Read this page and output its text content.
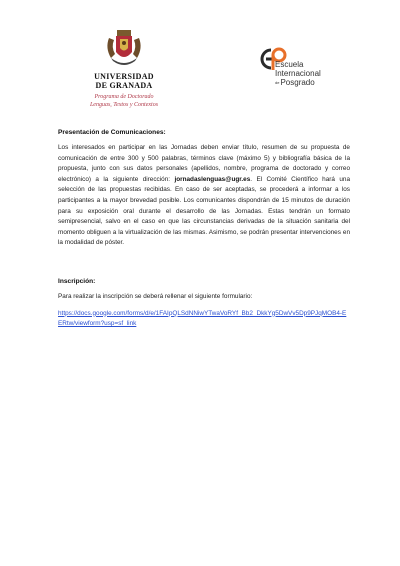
UNIVERSIDAD
DE GRANADA
Programa de Doctorado
Lenguas, Textos y Contextos
Escuela
Internacional
dePosgrado

Presentación de Comunicaciones:

Los interesados en participar en las Jornadas deben enviar título, resumen de su propuesta de comunicación de entre 300 y 500 palabras, términos clave (máximo 5) y bibliografía básica de la propuesta, junto con sus datos personales (apellidos, nombre, programa de doctorado y correo electrónico) a la siguiente dirección: jornadaslenguas@ugr.es. El Comité Científico hará una selección de las propuestas recibidas. En caso de ser aceptadas, se procederá a informar a los participantes a la mayor brevedad posible. Los comunicantes dispondrán de 15 minutos de duración para su exposición oral durante el desarrollo de las Jornadas. Estas tendrán un formato semipresencial, salvo en el caso en que las circunstancias derivadas de la situación sanitaria del momento obliguen a la virtualización de las mismas. Asimismo, se podrán presentar intervenciones en la modalidad de póster.

Inscripción:

Para realizar la inscripción se deberá rellenar el siguiente formulario:

https://docs.google.com/forms/d/e/1FAIpQLSdNNiwYTwaVoRYf_Bb2_DkkYg5DwVv5Dp9PJqMOB4-EERtw/viewform?usp=sf_link
